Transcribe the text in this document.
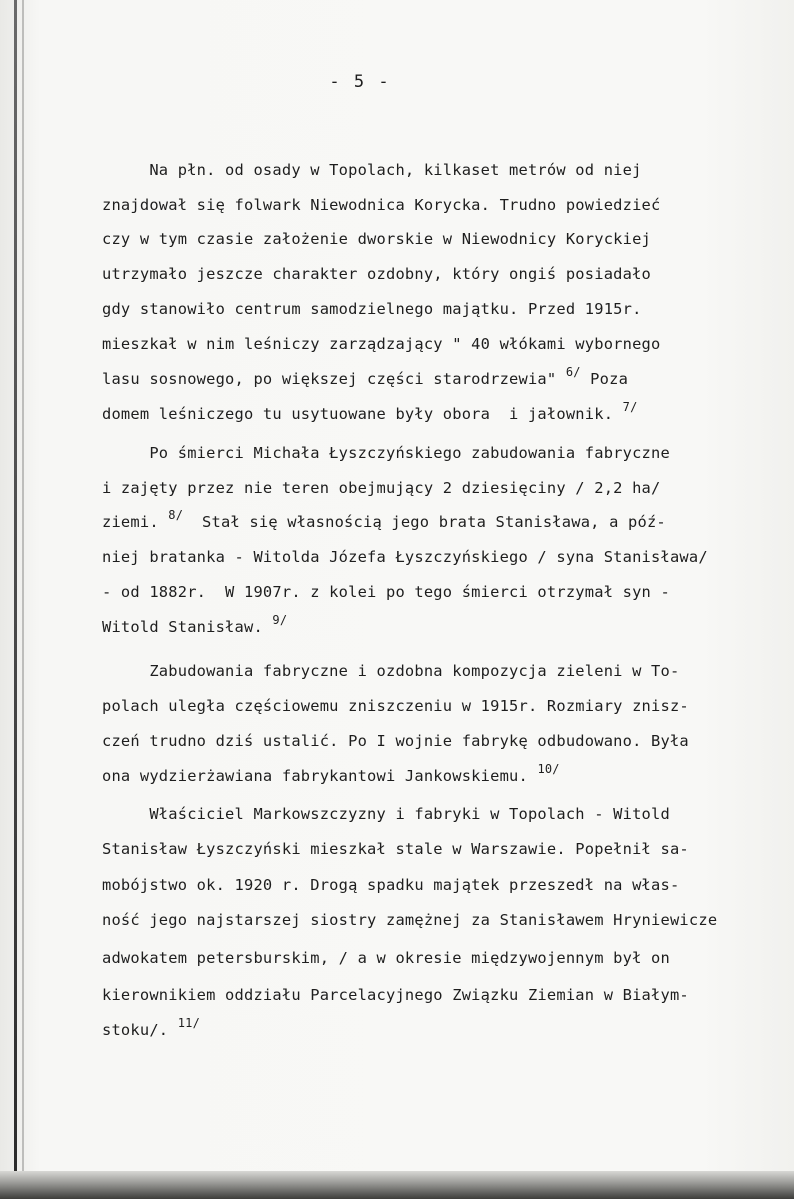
- 5 -
Na płn. od osady w Topolach, kilkaset metrów od niej
znajdował się folwark Niewodnica Korycka. Trudno powiedzieć
czy w tym czasie założenie dworskie w Niewodnicy Koryckiej
utrzymało jeszcze charakter ozdobny, który ongiś posiadało
gdy stanowiło centrum samodzielnego majątku. Przed 1915r.
mieszkał w nim leśniczy zarządzający " 40 włókami wybornego
lasu sosnowego, po większej części starodrzewia" $^{6/}$ Poza
domem leśniczego tu usytuowane były obora  i jałownik. $^{7/}$
Po śmierci Michała Łyszczyńskiego zabudowania fabryczne
i zajęty przez nie teren obejmujący 2 dziesięciny / 2,2 ha/
ziemi. $^{8/}$  Stał się własnością jego brata Stanisława, a póź-
niej bratanka - Witolda Józefa Łyszczyńskiego / syna Stanisława/
- od 1882r.  W 1907r. z kolei po tego śmierci otrzymał syn -
Witold Stanisław. $^{9/}$
Zabudowania fabryczne i ozdobna kompozycja zieleni w To-
polach uległa częściowemu zniszczeniu w 1915r. Rozmiary znisz-
czeń trudno dziś ustalić. Po I wojnie fabrykę odbudowano. Była
ona wydzierżawiana fabrykantowi Jankowskiemu. $^{10/}$
Właściciel Markowszczyzny i fabryki w Topolach - Witold
Stanisław Łyszczyński mieszkał stale w Warszawie. Popełnił sa-
mobójstwo ok. 1920 r. Drogą spadku majątek przeszedł na włas-
ność jego najstarszej siostry zamężnej za Stanisławem Hryniewicze
adwokatem petersburskim, / a w okresie międzywojennym był on
kierownikiem oddziału Parcelacyjnego Związku Ziemian w Białym-
stoku/. $^{11/}$
